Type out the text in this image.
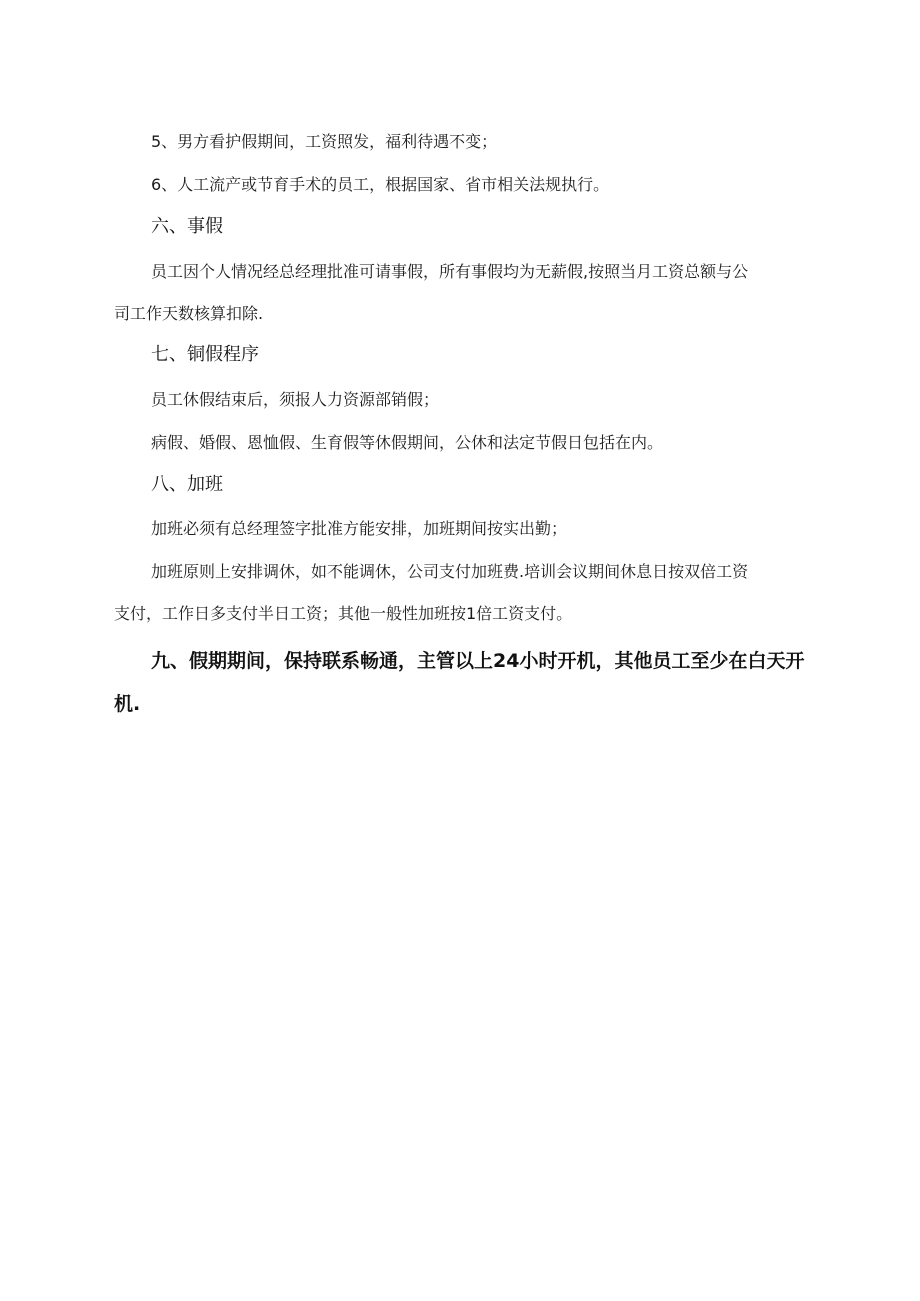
5、男方看护假期间，工资照发，福利待遇不变；
6、人工流产或节育手术的员工，根据国家、省市相关法规执行。
六、事假
员工因个人情况经总经理批准可请事假，所有事假均为无薪假,按照当月工资总额与公
司工作天数核算扣除.
七、铜假程序
员工休假结束后，须报人力资源部销假；
病假、婚假、恩恤假、生育假等休假期间，公休和法定节假日包括在内。
八、加班
加班必须有总经理签字批准方能安排，加班期间按实出勤；
加班原则上安排调休，如不能调休，公司支付加班费.培训会议期间休息日按双倍工资
支付，工作日多支付半日工资；其他一般性加班按1倍工资支付。
九、假期期间，保持联系畅通，主管以上24小时开机，其他员工至少在白天开
机.
